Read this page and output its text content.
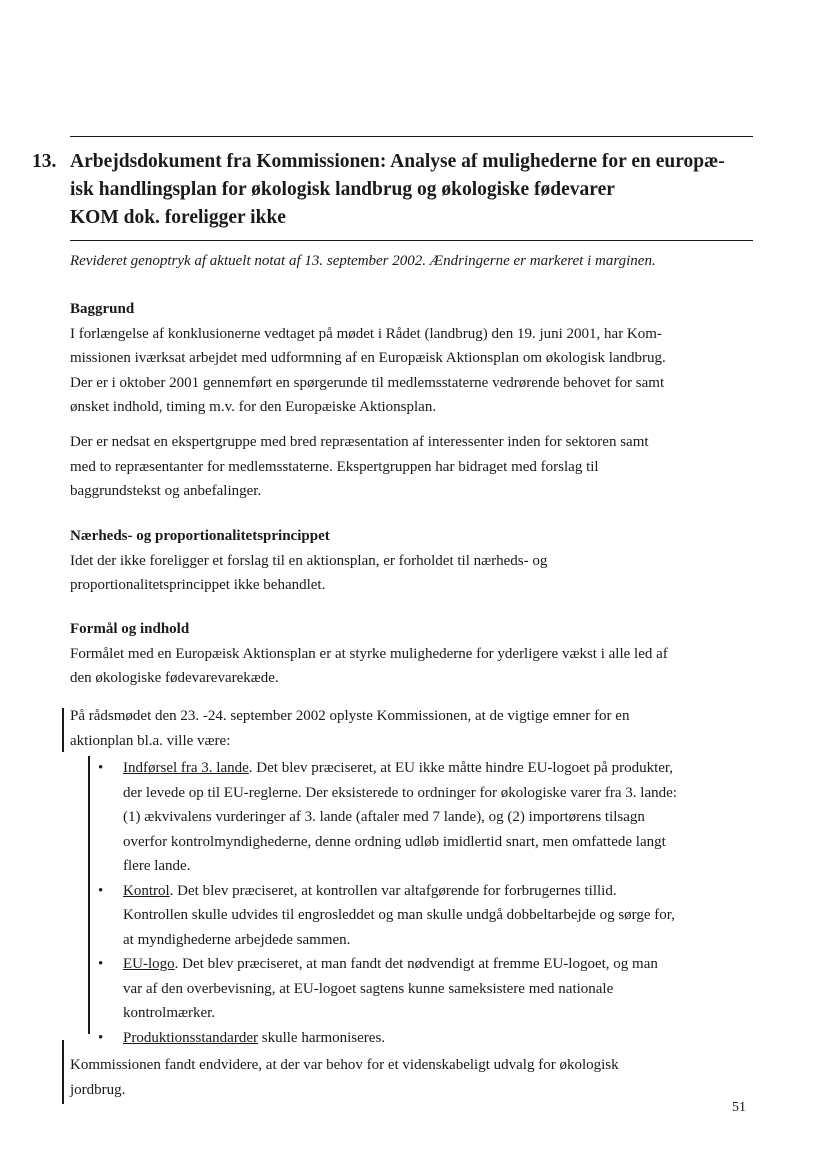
13. Arbejdsdokument fra Kommissionen: Analyse af mulighederne for en europæ-
isk handlingsplan for økologisk landbrug og økologiske fødevarer
KOM dok. foreligger ikke
Revideret genoptryk af aktuelt notat af 13. september 2002. Ændringerne er markeret i marginen.
Baggrund
I forlængelse af konklusionerne vedtaget på mødet i Rådet (landbrug) den 19. juni 2001, har Kom-
missionen iværksat arbejdet med udformning af en Europæisk Aktionsplan om økologisk landbrug.
Der er i oktober 2001 gennemført en spørgerunde til medlemsstaterne vedrørende behovet for samt
ønsket indhold, timing m.v. for den Europæiske Aktionsplan.
Der er nedsat en ekspertgruppe med bred repræsentation af interessenter inden for sektoren samt
med to repræsentanter for medlemsstaterne. Ekspertgruppen har bidraget med forslag til
baggrundstekst og anbefalinger.
Nærheds- og proportionalitetsprincippet
Idet der ikke foreligger et forslag til en aktionsplan, er forholdet til nærheds- og
proportionalitetsprincippet ikke behandlet.
Formål og indhold
Formålet med en Europæisk Aktionsplan er at styrke mulighederne for yderligere vækst i alle led af
den økologiske fødevarevarekæde.
På rådsmødet den 23. -24. september 2002 oplyste Kommissionen, at de vigtige emner for en
aktionplan bl.a. ville være:
• Indførsel fra 3. lande. Det blev præciseret, at EU ikke måtte hindre EU-logoet på produkter,
der levede op til EU-reglerne. Der eksisterede to ordninger for økologiske varer fra 3. lande:
(1) ækvivalens vurderinger af 3. lande (aftaler med 7 lande), og (2) importørens tilsagn
overfor kontrolmyndighederne, denne ordning udløb imidlertid snart, men omfattede langt
flere lande.
• Kontrol. Det blev præciseret, at kontrollen var altafgørende for forbrugernes tillid.
Kontrollen skulle udvides til engrosleddet og man skulle undgå dobbeltarbejde og sørge for,
at myndighederne arbejdede sammen.
• EU-logo. Det blev præciseret, at man fandt det nødvendigt at fremme EU-logoet, og man
var af den overbevisning, at EU-logoet sagtens kunne sameksistere med nationale
kontrolmærker.
• Produktionsstandarder skulle harmoniseres.
Kommissionen fandt endvidere, at der var behov for et videnskabeligt udvalg for økologisk
jordbrug.
51
